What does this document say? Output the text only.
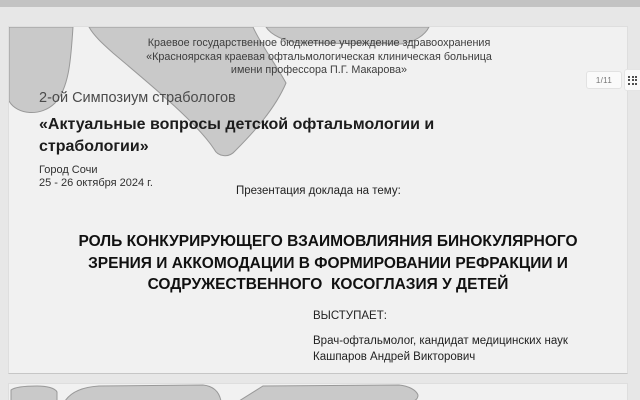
Краевое государственное бюджетное учреждение здравоохранения
«Красноярская краевая офтальмологическая клиническая больница
имени профессора П.Г. Макарова»
2-ой Симпозиум страбологов
«Актуальные вопросы детской офтальмологии и
страбологии»
Город Сочи
25 - 26 октября 2024 г.
Презентация доклада на тему:
РОЛЬ КОНКУРИРУЮЩЕГО ВЗАИМОВЛИЯНИЯ БИНОКУЛЯРНОГО
ЗРЕНИЯ И АККОМОДАЦИИ В ФОРМИРОВАНИИ РЕФРАКЦИИ И
СОДРУЖЕСТВЕННОГО  КОСОГЛАЗИЯ У ДЕТЕЙ
ВЫСТУПАЕТ:
Врач-офтальмолог, кандидат медицинских наук
Кашпаров Андрей Викторович
1/11
